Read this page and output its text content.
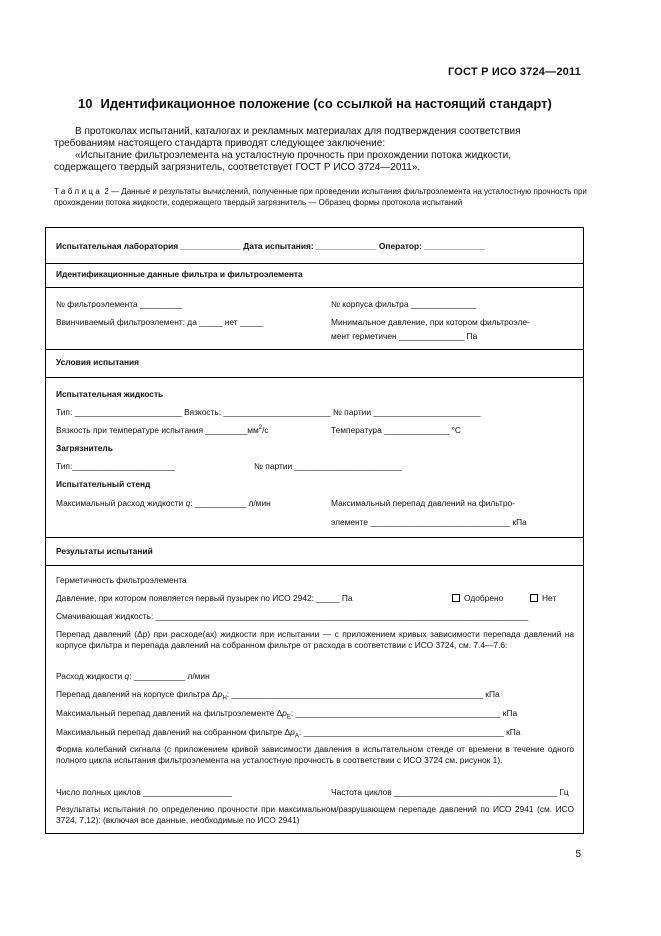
ГОСТ Р ИСО 3724—2011
10 Идентификационное положение (со ссылкой на настоящий стандарт)
В протоколах испытаний, каталогах и рекламных материалах для подтверждения соответствия
требованиям настоящего стандарта приводят следующее заключение:
«Испытание фильтроэлемента на усталостную прочность при прохождении потока жидкости,
содержащего твердый загрязнитель, соответствует ГОСТ Р ИСО 3724—2011».
Таблица 2 — Данные и результаты вычислений, полученные при проведении испытания фильтроэлемента на усталостную прочность при прохождении потока жидкости, содержащего твердый загрязнитель — Образец формы протокола испытаний
Испытательная лаборатория _____________ Дата испытания: _____________ Оператор: _____________
Идентификационные данные фильтра и фильтроэлемента
№ фильтроэлемента _________	№ корпуса фильтра ______________
Ввинчиваемый фильтроэлемент: да _____ нет _____	Минимальное давление, при котором фильтроэле-
мент герметичен ______________ Па
Условия испытания
Испытательная жидкость
Тип: _______________________ Вязкость: _______________________ № партии _______________________
Вязкость при температуре испытания $\_\_\_\_\_\_\_\_\_мм^2/с$	Температура ______________ °С
Загрязнитель
Тип:______________________	№ партии _______________________
Испытательный стенд
Максимальный расход жидкости q: ___________ л/мин	Максимальный перепад давлений на фильтро-
элементе ______________________________ кПа
Результаты испытаний
Герметичность фильтроэлемента
Давление, при котором появляется первый пузырек по ИСО 2942: _____ Па	Одобрено	Нет
Смачивающая жидкость: ________________________________________________________________________________
Перепад давлений (Δp) при расходе(ах) жидкости при испытании — с приложением кривых зависимости перепада давлений на корпусе фильтра и перепада давлений на собранном фильтре от расхода в соответствии с ИСО 3724, см. 7.4—7.6:
Расход жидкости q: ___________ л/мин
Перепад давлений на корпусе фильтра $\Delta p_H$: ______________________________________________________ кПа
Максимальный перепад давлений на фильтроэлементе $\Delta p_E$: ____________________________________________ кПа
Максимальный перепад давлений на собранном фильтре $\Delta p_A$: ___________________________________________ кПа
Форма колебаний сигнала (с приложением кривой зависимости давления в испытательном стенде от времени в течение одного полного цикла испытания фильтроэлемента на усталостную прочность в соответствии с ИСО 3724 см. рисунок 1).
Число полных циклов ___________________	Частота циклов ___________________________________ Гц
Результаты испытания по определению прочности при максимальном/разрушающем перепаде давлений по ИСО 2941 (см. ИСО 3724, 7,12): (включая все данные, необходимые по ИСО 2941)
5
